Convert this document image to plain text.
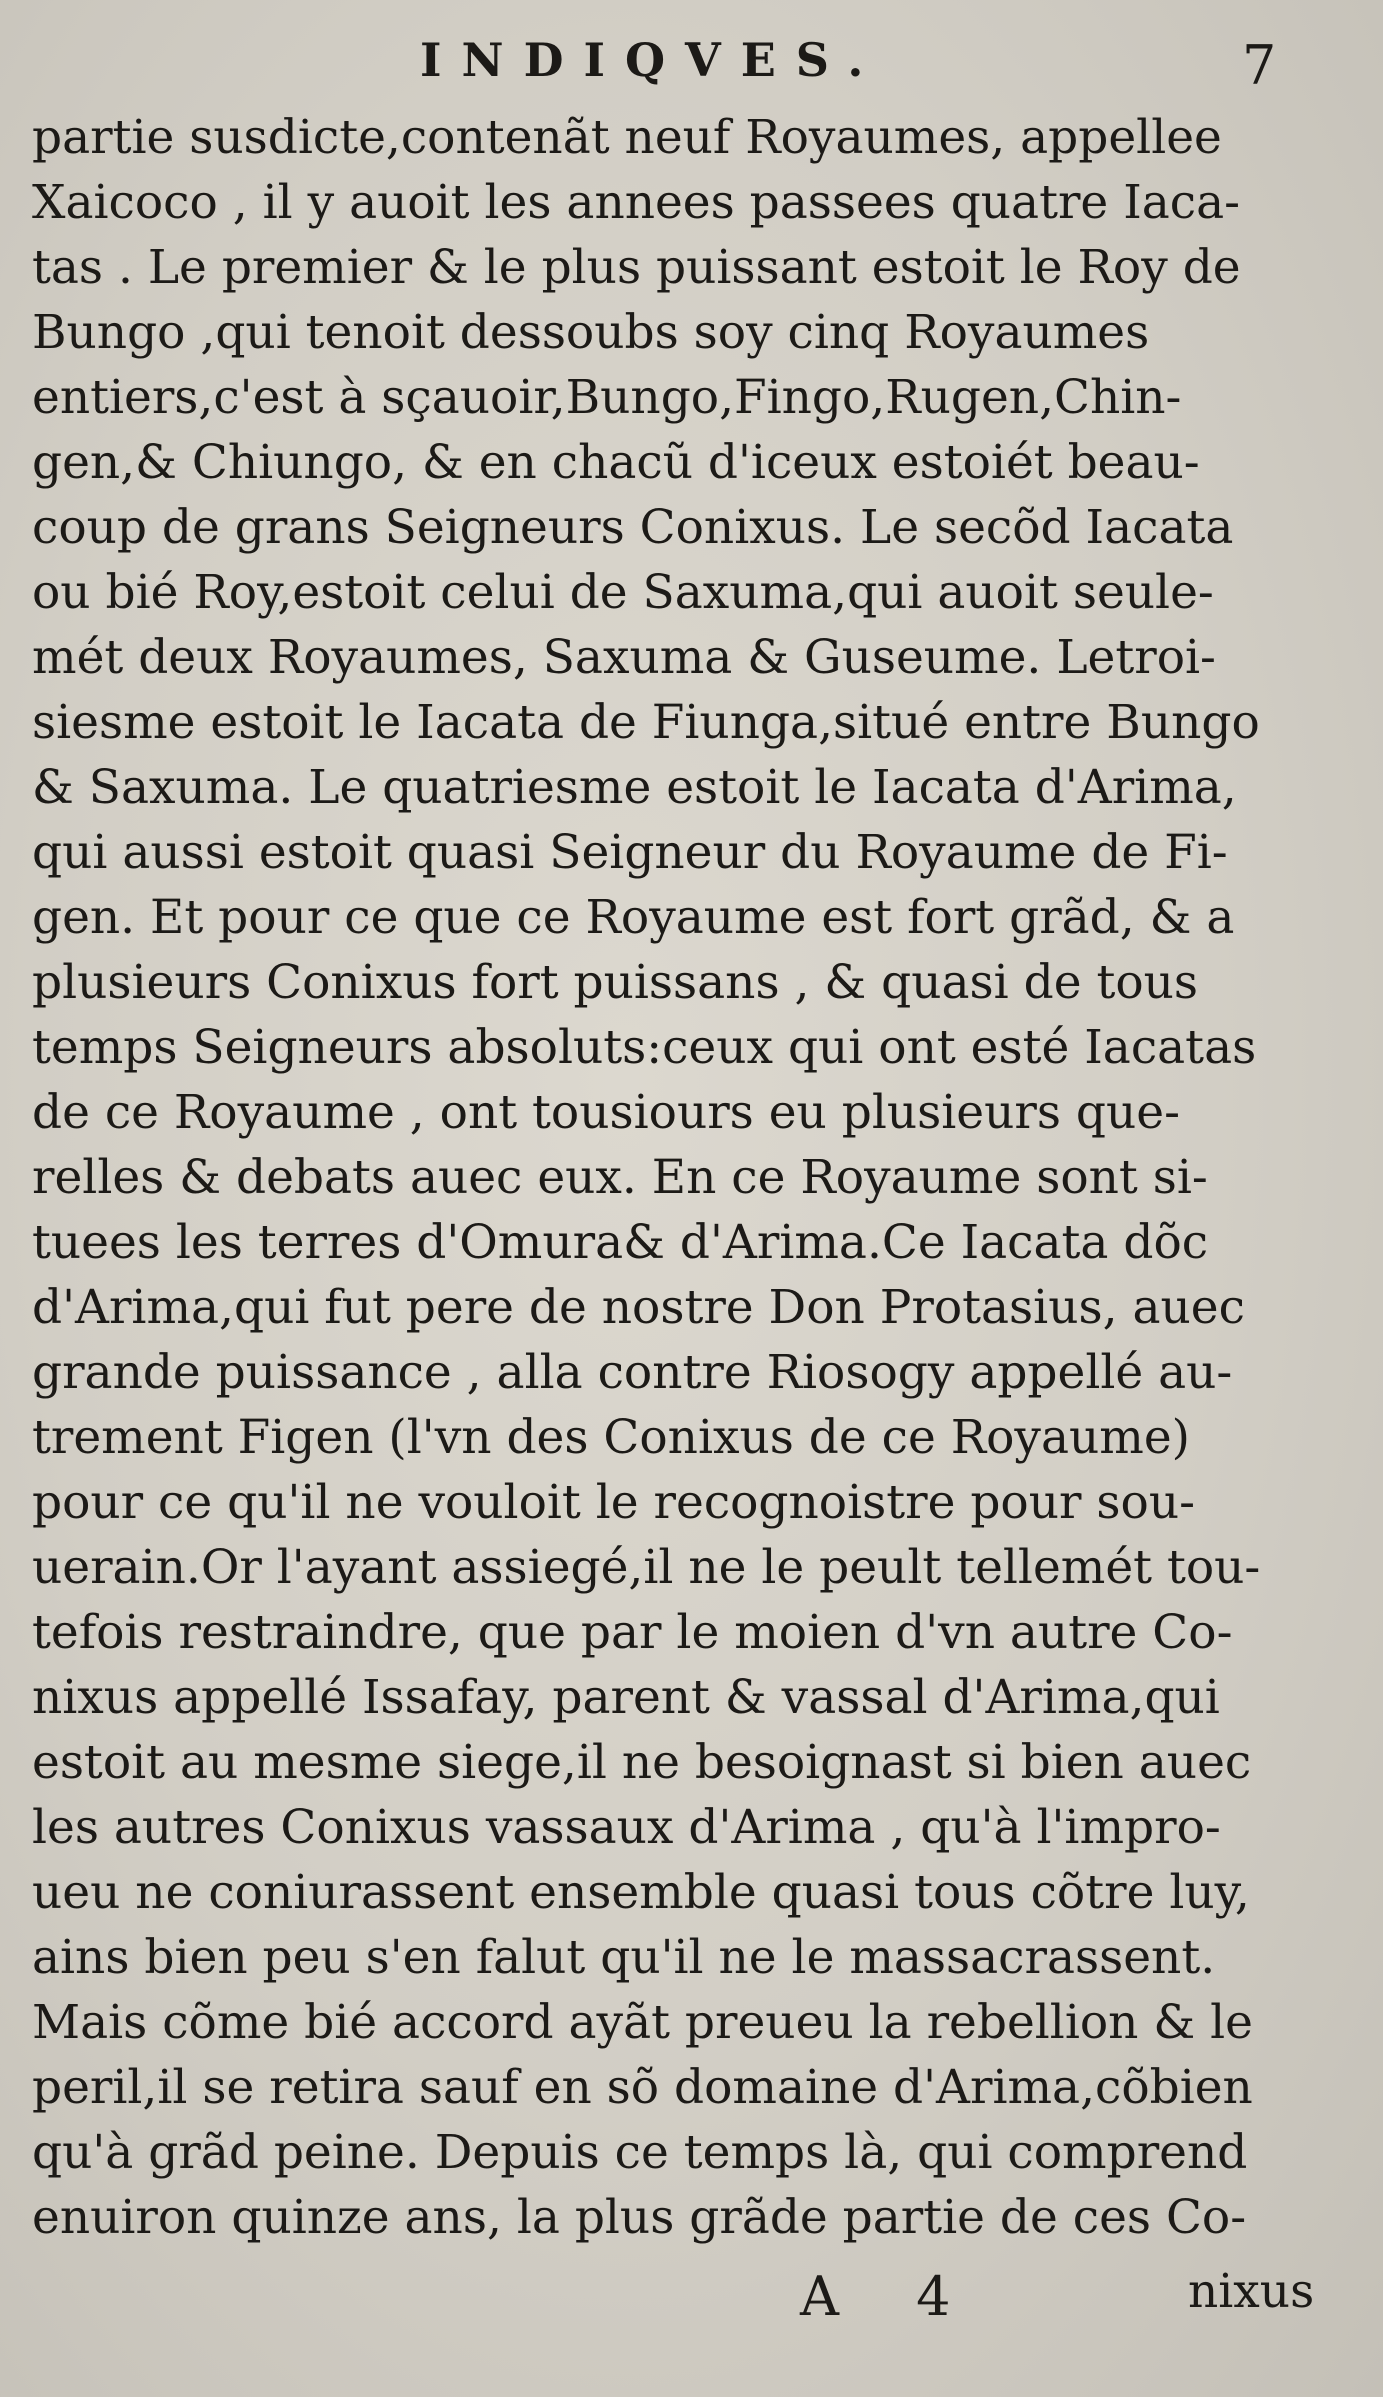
INDIQVES.	7
partie susdicte,contenãt neuf Royaumes, appellee
Xaicoco , il y auoit les annees passees quatre Iaca-
tas . Le premier & le plus puissant estoit le Roy de
Bungo ,qui tenoit dessoubs soy cinq Royaumes
entiers,c'est à sçauoir,Bungo,Fingo,Rugen,Chin-
gen,& Chiungo, & en chacũ d'iceux estoiét beau-
coup de grans Seigneurs Conixus. Le secõd Iacata
ou bié Roy,estoit celui de Saxuma,qui auoit seule-
mét deux Royaumes, Saxuma & Guseume. Letroi-
siesme estoit le Iacata de Fiunga,situé entre Bungo
& Saxuma. Le quatriesme estoit le Iacata d'Arima,
qui aussi estoit quasi Seigneur du Royaume de Fi-
gen. Et pour ce que ce Royaume est fort grãd, & a
plusieurs Conixus fort puissans , & quasi de tous
temps Seigneurs absoluts:ceux qui ont esté Iacatas
de ce Royaume , ont tousiours eu plusieurs que-
relles & debats auec eux. En ce Royaume sont si-
tuees les terres d'Omura& d'Arima.Ce Iacata dõc
d'Arima,qui fut pere de nostre Don Protasius, auec
grande puissance , alla contre Riosogy appellé au-
trement Figen (l'vn des Conixus de ce Royaume)
pour ce qu'il ne vouloit le recognoistre pour sou-
uerain.Or l'ayant assiegé,il ne le peult tellemét tou-
tefois restraindre, que par le moien d'vn autre Co-
nixus appellé Issafay, parent & vassal d'Arima,qui
estoit au mesme siege,il ne besoignast si bien auec
les autres Conixus vassaux d'Arima , qu'à l'impro-
ueu ne coniurassent ensemble quasi tous cõtre luy,
ains bien peu s'en falut qu'il ne le massacrassent.
Mais cõme bié accord ayãt preueu la rebellion & le
peril,il se retira sauf en sõ domaine d'Arima,cõbien
qu'à grãd peine. Depuis ce temps là, qui comprend
enuiron quinze ans, la plus grãde partie de ces Co-
A 4	nixus
